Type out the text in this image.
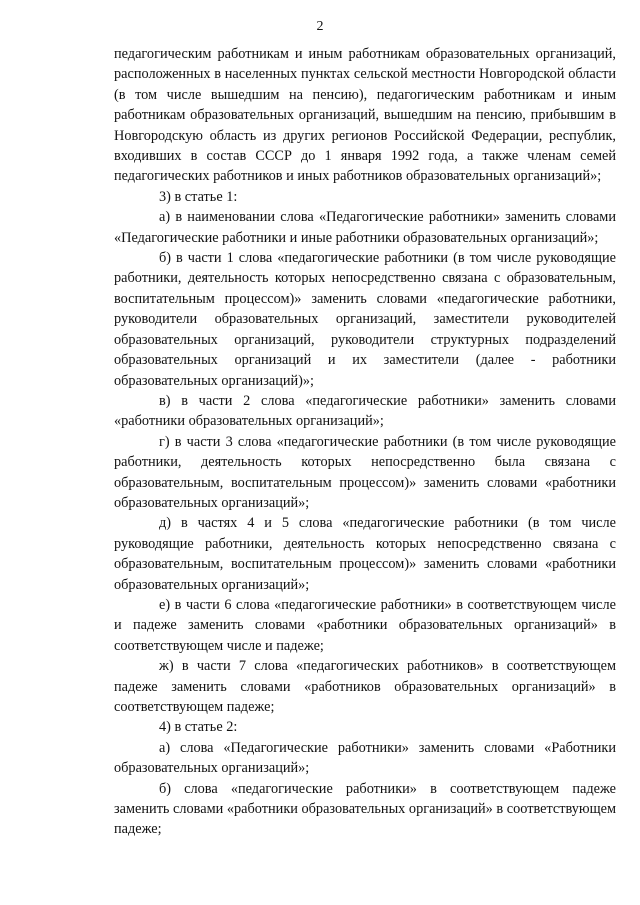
2

педагогическим работникам и иным работникам образовательных организаций, расположенных в населенных пунктах сельской местности Новгородской области (в том числе вышедшим на пенсию), педагогическим работникам и иным работникам образовательных организаций, вышедшим на пенсию, прибывшим в Новгородскую область из других регионов Российской Федерации, республик, входивших в состав СССР до 1 января 1992 года, а также членам семей педагогических работников и иных работников образовательных организаций»;

3) в статье 1:

а) в наименовании слова «Педагогические работники» заменить словами «Педагогические работники и иные работники образовательных организаций»;

б) в части 1 слова «педагогические работники (в том числе руководящие работники, деятельность которых непосредственно связана с образовательным, воспитательным процессом)» заменить словами «педагогические работники, руководители образовательных организаций, заместители руководителей образовательных организаций, руководители структурных подразделений образовательных организаций и их заместители (далее - работники образовательных организаций)»;

в) в части 2 слова «педагогические работники» заменить словами «работники образовательных организаций»;

г) в части 3 слова «педагогические работники (в том числе руководящие работники, деятельность которых непосредственно была связана с образовательным, воспитательным процессом)» заменить словами «работники образовательных организаций»;

д) в частях 4 и 5 слова «педагогические работники (в том числе руководящие работники, деятельность которых непосредственно связана с образовательным, воспитательным процессом)» заменить словами «работники образовательных организаций»;

е) в части 6 слова «педагогические работники» в соответствующем числе и падеже заменить словами «работники образовательных организаций» в соответствующем числе и падеже;

ж) в части 7 слова «педагогических работников» в соответствующем падеже заменить словами «работников образовательных организаций» в соответствующем падеже;

4) в статье 2:

а) слова «Педагогические работники» заменить словами «Работники образовательных организаций»;

б) слова «педагогические работники» в соответствующем падеже заменить словами «работники образовательных организаций» в соответствующем падеже;
